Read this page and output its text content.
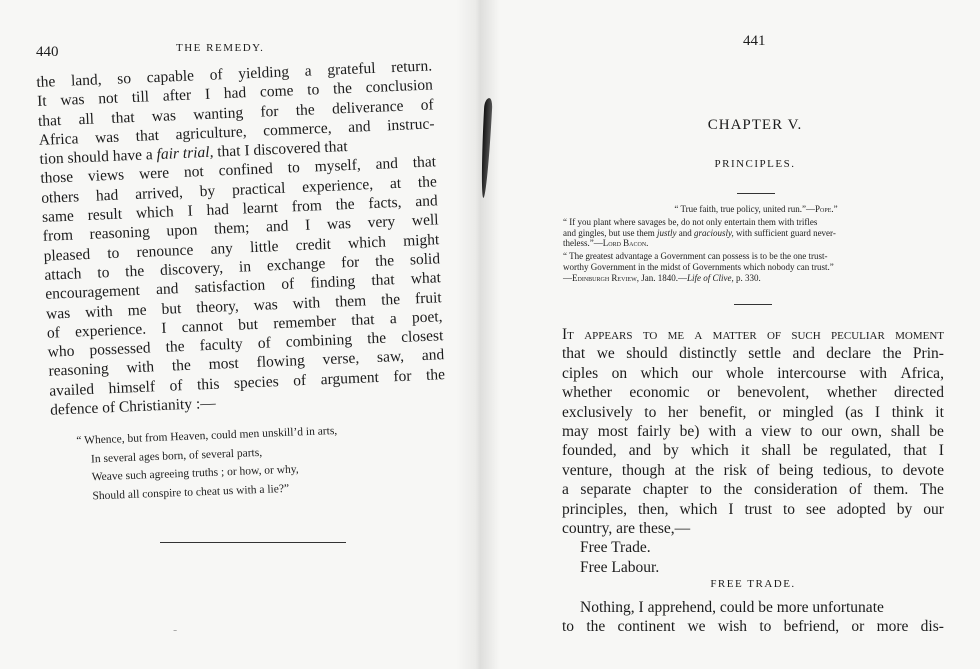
440	THE REMEDY.
the land, so capable of yielding a grateful return.
It was not till after I had come to the conclusion
that all that was wanting for the deliverance of
Africa was that agriculture, commerce, and instruc-
tion should have a fair trial, that I discovered that
those views were not confined to myself, and that
others had arrived, by practical experience, at the
same result which I had learnt from the facts, and
from reasoning upon them; and I was very well
pleased to renounce any little credit which might
attach to the discovery, in exchange for the solid
encouragement and satisfaction of finding that what
was with me but theory, was with them the fruit
of experience. I cannot but remember that a poet,
who possessed the faculty of combining the closest
reasoning with the most flowing verse, saw, and
availed himself of this species of argument for the
defence of Christianity :—
“ Whence, but from Heaven, could men unskill’d in arts,
In several ages born, of several parts,
Weave such agreeing truths ; or how, or why,
Should all conspire to cheat us with a lie?”
⁻
441
CHAPTER V.
PRINCIPLES.
“ True faith, true policy, united run.”—Pope.”
“ If you plant where savages be, do not only entertain them with trifles
and gingles, but use them justly and graciously, with sufficient guard never-
theless.”—Lord Bacon.
“ The greatest advantage a Government can possess is to be the one trust-
worthy Government in the midst of Governments which nobody can trust.”
—Edinburgh Review, Jan. 1840.—Life of Clive, p. 330.
It appears to me a matter of such peculiar moment
that we should distinctly settle and declare the Prin-
ciples on which our whole intercourse with Africa,
whether economic or benevolent, whether directed
exclusively to her benefit, or mingled (as I think it
may most fairly be) with a view to our own, shall be
founded, and by which it shall be regulated, that I
venture, though at the risk of being tedious, to devote
a separate chapter to the consideration of them. The
principles, then, which I trust to see adopted by our
country, are these,—
Free Trade.
Free Labour.
FREE TRADE.
Nothing, I apprehend, could be more unfortunate
to the continent we wish to befriend, or more dis-
